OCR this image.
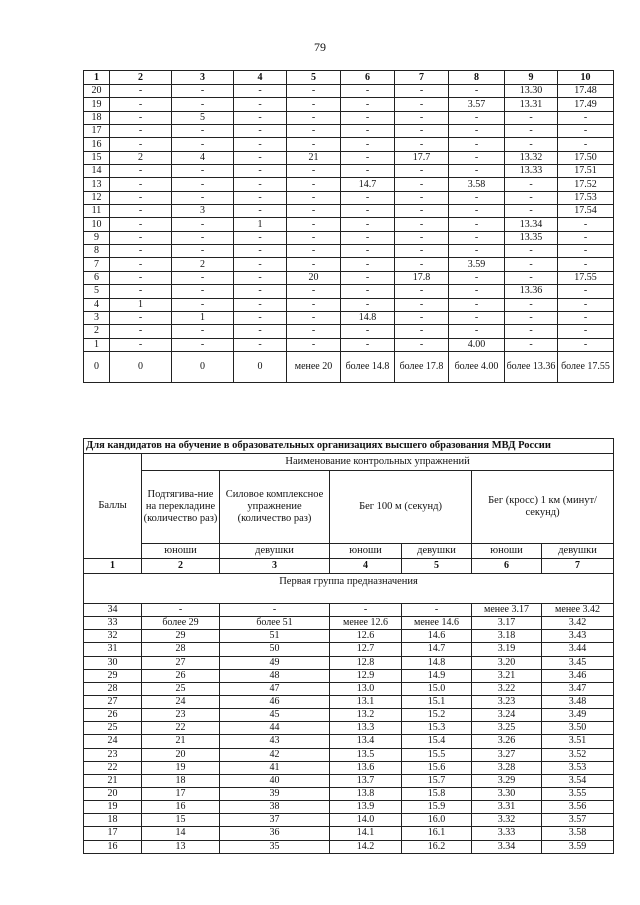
79
1	2	3	4	5	6	7	8	9	10
20	-	-	-	-	-	-	-	13.30	17.48
19	-	-	-	-	-	-	3.57	13.31	17.49
18	-	5	-	-	-	-	-	-	-
17	-	-	-	-	-	-	-	-	-
16	-	-	-	-	-	-	-	-	-
15	2	4	-	21	-	17.7	-	13.32	17.50
14	-	-	-	-	-	-	-	13.33	17.51
13	-	-	-	-	14.7	-	3.58	-	17.52
12	-	-	-	-	-	-	-	-	17.53
11	-	3	-	-	-	-	-	-	17.54
10	-	-	1	-	-	-	-	13.34	-
9	-	-	-	-	-	-	-	13.35	-
8	-	-	-	-	-	-	-	-	-
7	-	2	-	-	-	-	3.59	-	-
6	-	-	-	20	-	17.8	-	-	17.55
5	-	-	-	-	-	-	-	13.36	-
4	1	-	-	-	-	-	-	-	-
3	-	1	-	-	14.8	-	-	-	-
2	-	-	-	-	-	-	-	-	-
1	-	-	-	-	-	-	4.00	-	-
0	0	0	0	менее 20	более 14.8	более 17.8	более 4.00	более 13.36	более 17.55
Для кандидатов на обучение в образовательных организациях высшего образования МВД России						
Баллы	Наименование контрольных упражнений					
	Подтягива-ние на перекладине (количество раз)	Силовое комплексное упражнение (количество раз)	Бег 100 м (секунд)		Бег (кросс) 1 км (минут/секунд)	
	юноши	девушки	юноши	девушки	юноши	девушки
1	2	3	4	5	6	7
Первая группа предназначения						
34	-	-	-	-	менее 3.17	менее 3.42
33	более 29	более 51	менее 12.6	менее 14.6	3.17	3.42
32	29	51	12.6	14.6	3.18	3.43
31	28	50	12.7	14.7	3.19	3.44
30	27	49	12.8	14.8	3.20	3.45
29	26	48	12.9	14.9	3.21	3.46
28	25	47	13.0	15.0	3.22	3.47
27	24	46	13.1	15.1	3.23	3.48
26	23	45	13.2	15.2	3.24	3.49
25	22	44	13.3	15.3	3.25	3.50
24	21	43	13.4	15.4	3.26	3.51
23	20	42	13.5	15.5	3.27	3.52
22	19	41	13.6	15.6	3.28	3.53
21	18	40	13.7	15.7	3.29	3.54
20	17	39	13.8	15.8	3.30	3.55
19	16	38	13.9	15.9	3.31	3.56
18	15	37	14.0	16.0	3.32	3.57
17	14	36	14.1	16.1	3.33	3.58
16	13	35	14.2	16.2	3.34	3.59
